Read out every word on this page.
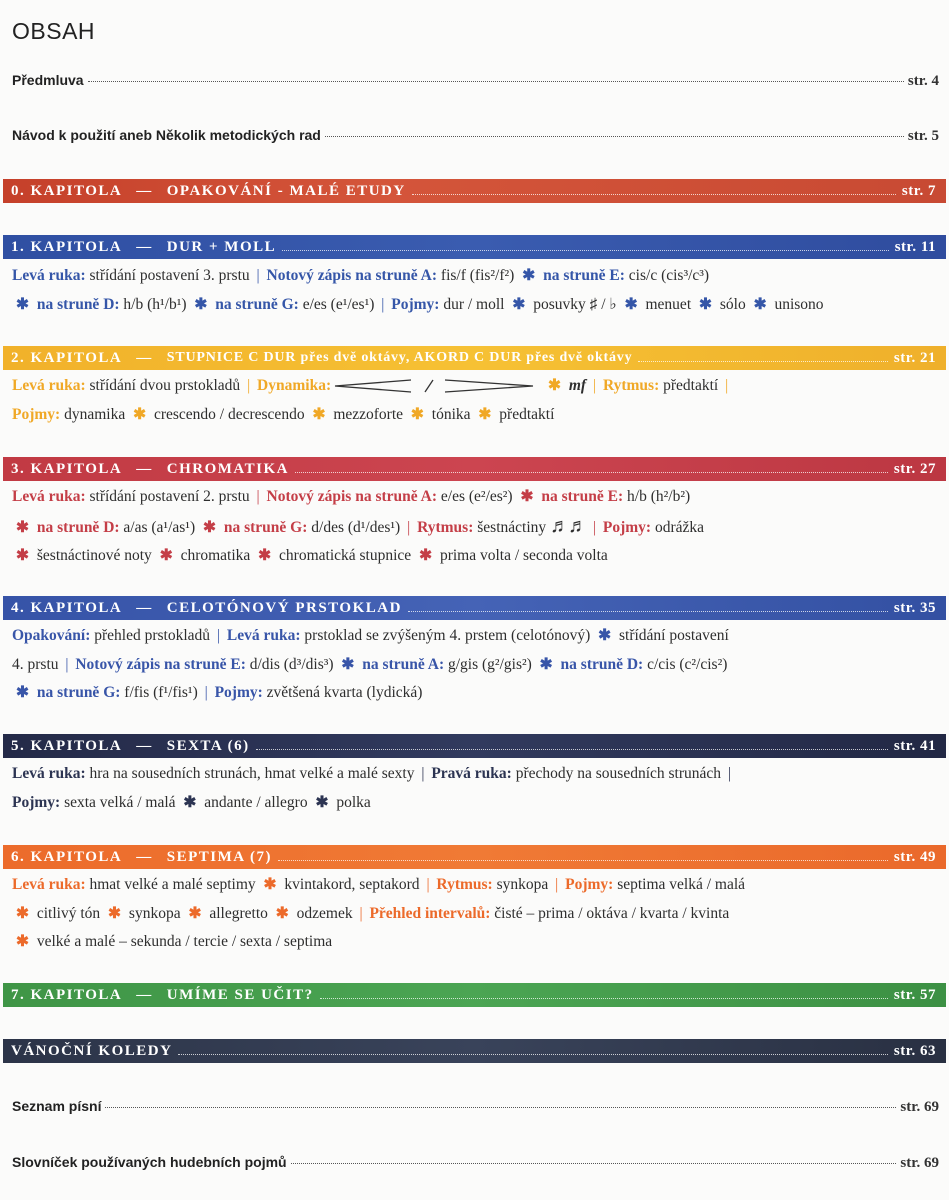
OBSAH
Předmluva	str. 4
Návod k použití aneb Několik metodických rad	str. 5
0. KAPITOLA — OPAKOVÁNÍ - MALÉ ETUDY	str. 7
1. KAPITOLA — DUR + MOLL	str. 11
Levá ruka: střídání postavení 3. prstu | Notový zápis na struně A: fis/f (fis²/f²) ✱ na struně E: cis/c (cis³/c³)
✱ na struně D: h/b (h¹/b¹) ✱ na struně G: e/es (e¹/es¹) | Pojmy: dur / moll ✱ posuvky ♯ / ♭ ✱ menuet ✱ sólo ✱ unisono
2. KAPITOLA — STUPNICE C DUR přes dvě oktávy, AKORD C DUR přes dvě oktávy	str. 21
Levá ruka: střídání dvou prstokladů | Dynamika:	✱ mf | Rytmus: předtaktí |
Pojmy: dynamika ✱ crescendo / decrescendo ✱ mezzoforte ✱ tónika ✱ předtaktí
3. KAPITOLA — CHROMATIKA	str. 27
Levá ruka: střídání postavení 2. prstu | Notový zápis na struně A: e/es (e²/es²) ✱ na struně E: h/b (h²/b²)
✱ na struně D: a/as (a¹/as¹) ✱ na struně G: d/des (d¹/des¹) | Rytmus: šestnáctiny ♬♬ | Pojmy: odrážka
✱ šestnáctinové noty ✱ chromatika ✱ chromatická stupnice ✱ prima volta / seconda volta
4. KAPITOLA — CELOTÓNOVÝ PRSTOKLAD	str. 35
Opakování: přehled prstokladů | Levá ruka: prstoklad se zvýšeným 4. prstem (celotónový) ✱ střídání postavení
4. prstu | Notový zápis na struně E: d/dis (d³/dis³) ✱ na struně A: g/gis (g²/gis²) ✱ na struně D: c/cis (c²/cis²)
✱ na struně G: f/fis (f¹/fis¹) | Pojmy: zvětšená kvarta (lydická)
5. KAPITOLA — SEXTA (6)	str. 41
Levá ruka: hra na sousedních strunách, hmat velké a malé sexty | Pravá ruka: přechody na sousedních strunách |
Pojmy: sexta velká / malá ✱ andante / allegro ✱ polka
6. KAPITOLA — SEPTIMA (7)	str. 49
Levá ruka: hmat velké a malé septimy ✱ kvintakord, septakord | Rytmus: synkopa | Pojmy: septima velká / malá
✱ citlivý tón ✱ synkopa ✱ allegretto ✱ odzemek | Přehled intervalů: čisté – prima / oktáva / kvarta / kvinta
✱ velké a malé – sekunda / tercie / sexta / septima
7. KAPITOLA — UMÍME SE UČIT?	str. 57
VÁNOČNÍ KOLEDY	str. 63
Seznam písní	str. 69
Slovníček používaných hudebních pojmů	str. 69
